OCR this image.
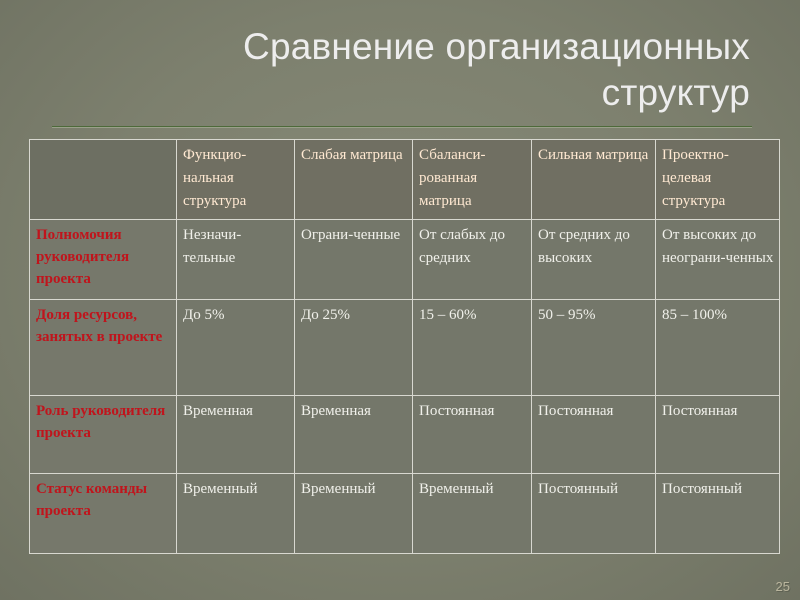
Сравнение организационных
структур
	Функцио-нальная структура	Слабая матрица	Сбаланси-рованная матрица	Сильная матрица	Проектно-целевая структура
Полномочия руководителя проекта	Незначи-тельные	Ограни-ченные	От слабых до средних	От средних до высоких	От высоких до неограни-ченных
Доля ресурсов, занятых в проекте	До 5%	До 25%	15 – 60%	50 – 95%	85 – 100%
Роль руководителя проекта	Временная	Временная	Постоянная	Постоянная	Постоянная
Статус команды проекта	Временный	Временный	Временный	Постоянный	Постоянный
25
